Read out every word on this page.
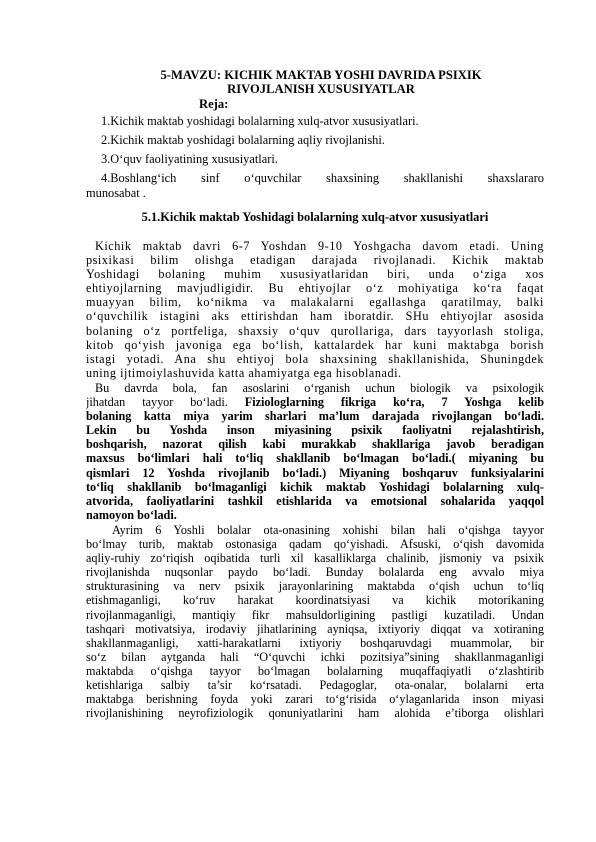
5-MAVZU: KICHIK MAKTAB YOSHI DAVRIDA PSIXIK
RIVOJLANISH XUSUSIYATLAR
Reja:
1.Kichik maktab yoshidagi bolalarning xulq-atvor xususiyatlari.
2.Kichik maktab yoshidagi bolalarning aqliy rivojlanishi.
3.O‘quv faoliyatining xususiyatlari.
4.Boshlang‘ich sinf o‘quvchilar shaxsining shakllanishi shaxslararo
munosabat .
5.1.Kichik maktab Yoshidagi bolalarning xulq-atvor xususiyatlari
Kichik maktab davri 6-7 Yoshdan 9-10 Yoshgacha davom etadi. Uning
psixikasi bilim olishga etadigan darajada rivojlanadi. Kichik maktab
Yoshidagi bolaning muhim xususiyatlaridan biri, unda o‘ziga xos
ehtiyojlarning mavjudligidir. Bu ehtiyojlar o‘z mohiyatiga ko‘ra faqat
muayyan bilim, ko‘nikma va malakalarni egallashga qaratilmay, balki
o‘quvchilik istagini aks ettirishdan ham iboratdir. SHu ehtiyojlar asosida
bolaning o‘z portfeliga, shaxsiy o‘quv qurollariga, dars tayyorlash stoliga,
kitob qo‘yish javoniga ega bo‘lish, kattalardek har kuni maktabga borish
istagi yotadi. Ana shu ehtiyoj bola shaxsining shakllanishida, Shuningdek
uning ijtimoiylashuvida katta ahamiyatga ega hisoblanadi.
Bu davrda bola, fan asoslarini o‘rganish uchun biologik va psixologik
jihatdan tayyor bo‘ladi. Fiziologlarning fikriga ko‘ra, 7 Yoshga kelib
bolaning katta miya yarim sharlari ma’lum darajada rivojlangan bo‘ladi.
Lekin bu Yoshda inson miyasining psixik faoliyatni rejalashtirish,
boshqarish, nazorat qilish kabi murakkab shakllariga javob beradigan
maxsus bo‘limlari hali to‘liq shakllanib bo‘lmagan bo‘ladi.( miyaning bu
qismlari 12 Yoshda rivojlanib bo‘ladi.) Miyaning boshqaruv funksiyalarini
to‘liq shakllanib bo‘lmaganligi kichik maktab Yoshidagi bolalarning xulq-
atvorida, faoliyatlarini tashkil etishlarida va emotsional sohalarida yaqqol
namoyon bo‘ladi.
Ayrim 6 Yoshli bolalar ota-onasining xohishi bilan hali o‘qishga tayyor
bo‘lmay turib, maktab ostonasiga qadam qo‘yishadi. Afsuski, o‘qish davomida
aqliy-ruhiy zo‘riqish oqibatida turli xil kasalliklarga chalinib, jismoniy va psixik
rivojlanishda nuqsonlar paydo bo‘ladi. Bunday bolalarda eng avvalo miya
strukturasining va nerv psixik jarayonlarining maktabda o‘qish uchun to‘liq
etishmaganligi, ko‘ruv harakat koordinatsiyasi va kichik motorikaning
rivojlanmaganligi, mantiqiy fikr mahsuldorligining pastligi kuzatiladi. Undan
tashqari motivatsiya, irodaviy jihatlarining ayniqsa, ixtiyoriy diqqat va xotiraning
shakllanmaganligi, xatti-harakatlarni ixtiyoriy boshqaruvdagi muammolar, bir
so‘z bilan aytganda hali “O‘quvchi ichki pozitsiya”sining shakllanmaganligi
maktabda o‘qishga tayyor bo‘lmagan bolalarning muqaffaqiyatli o‘zlashtirib
ketishlariga salbiy ta’sir ko‘rsatadi. Pedagoglar, ota-onalar, bolalarni erta
maktabga berishning foyda yoki zarari to‘g‘risida o‘ylaganlarida inson miyasi
rivojlanishining neyrofiziologik qonuniyatlarini ham alohida e’tiborga olishlari
